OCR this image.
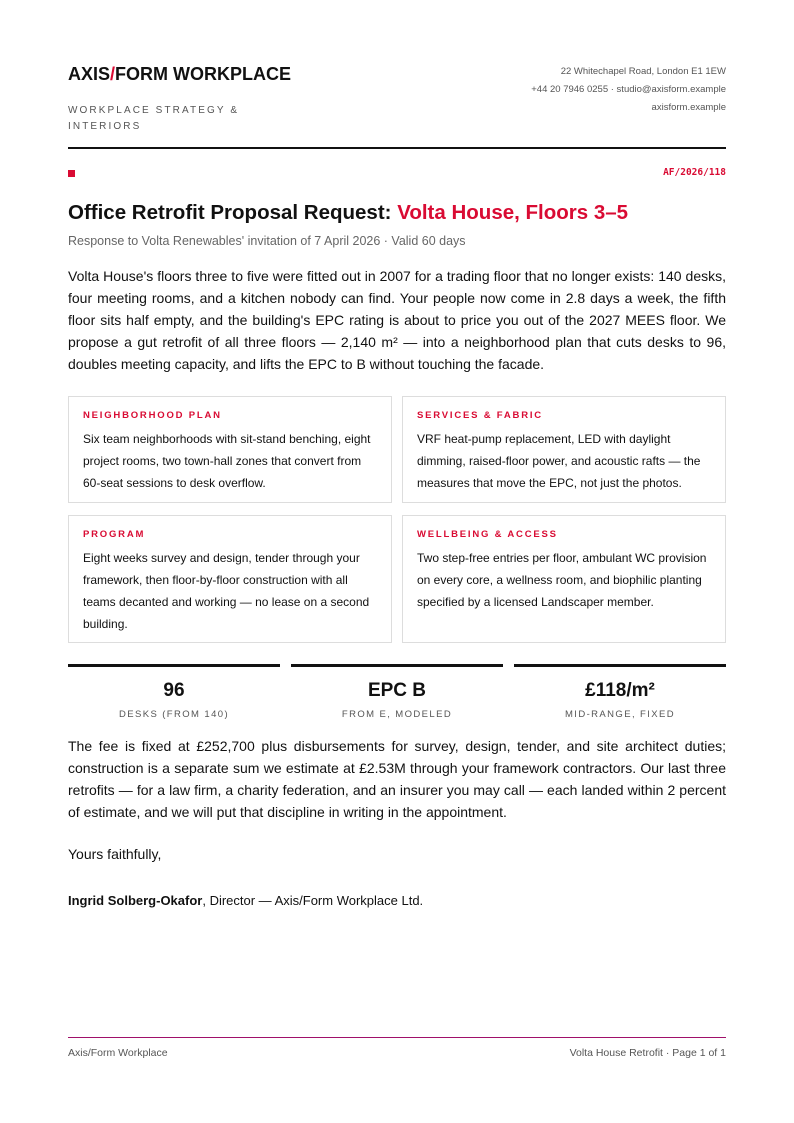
AXIS/FORM WORKPLACE
WORKPLACE STRATEGY & INTERIORS
22 Whitechapel Road, London E1 1EW
+44 20 7946 0255 · studio@axisform.example
axisform.example
AF/2026/118
Office Retrofit Proposal Request: Volta House, Floors 3–5
Response to Volta Renewables' invitation of 7 April 2026 · Valid 60 days

Volta House's floors three to five were fitted out in 2007 for a trading floor that no longer exists: 140 desks, four meeting rooms, and a kitchen nobody can find. Your people now come in 2.8 days a week, the fifth floor sits half empty, and the building's EPC rating is about to price you out of the 2027 MEES floor. We propose a gut retrofit of all three floors — 2,140 m² — into a neighborhood plan that cuts desks to 96, doubles meeting capacity, and lifts the EPC to B without touching the facade.

NEIGHBORHOOD PLAN
Six team neighborhoods with sit-stand benching, eight project rooms, two town-hall zones that convert from 60-seat sessions to desk overflow.
SERVICES & FABRIC
VRF heat-pump replacement, LED with daylight dimming, raised-floor power, and acoustic rafts — the measures that move the EPC, not just the photos.
PROGRAM
Eight weeks survey and design, tender through your framework, then floor-by-floor construction with all teams decanted and working — no lease on a second building.
WELLBEING & ACCESS
Two step-free entries per floor, ambulant WC provision on every core, a wellness room, and biophilic planting specified by a licensed Landscaper member.
96
DESKS (FROM 140)
EPC B
FROM E, MODELED
£118/m²
MID-RANGE, FIXED

The fee is fixed at £252,700 plus disbursements for survey, design, tender, and site architect duties; construction is a separate sum we estimate at £2.53M through your framework contractors. Our last three retrofits — for a law firm, a charity federation, and an insurer you may call — each landed within 2 percent of estimate, and we will put that discipline in writing in the appointment.

Yours faithfully,
Ingrid Solberg-Okafor, Director — Axis/Form Workplace Ltd.
Axis/Form Workplace	Volta House Retrofit · Page 1 of 1
